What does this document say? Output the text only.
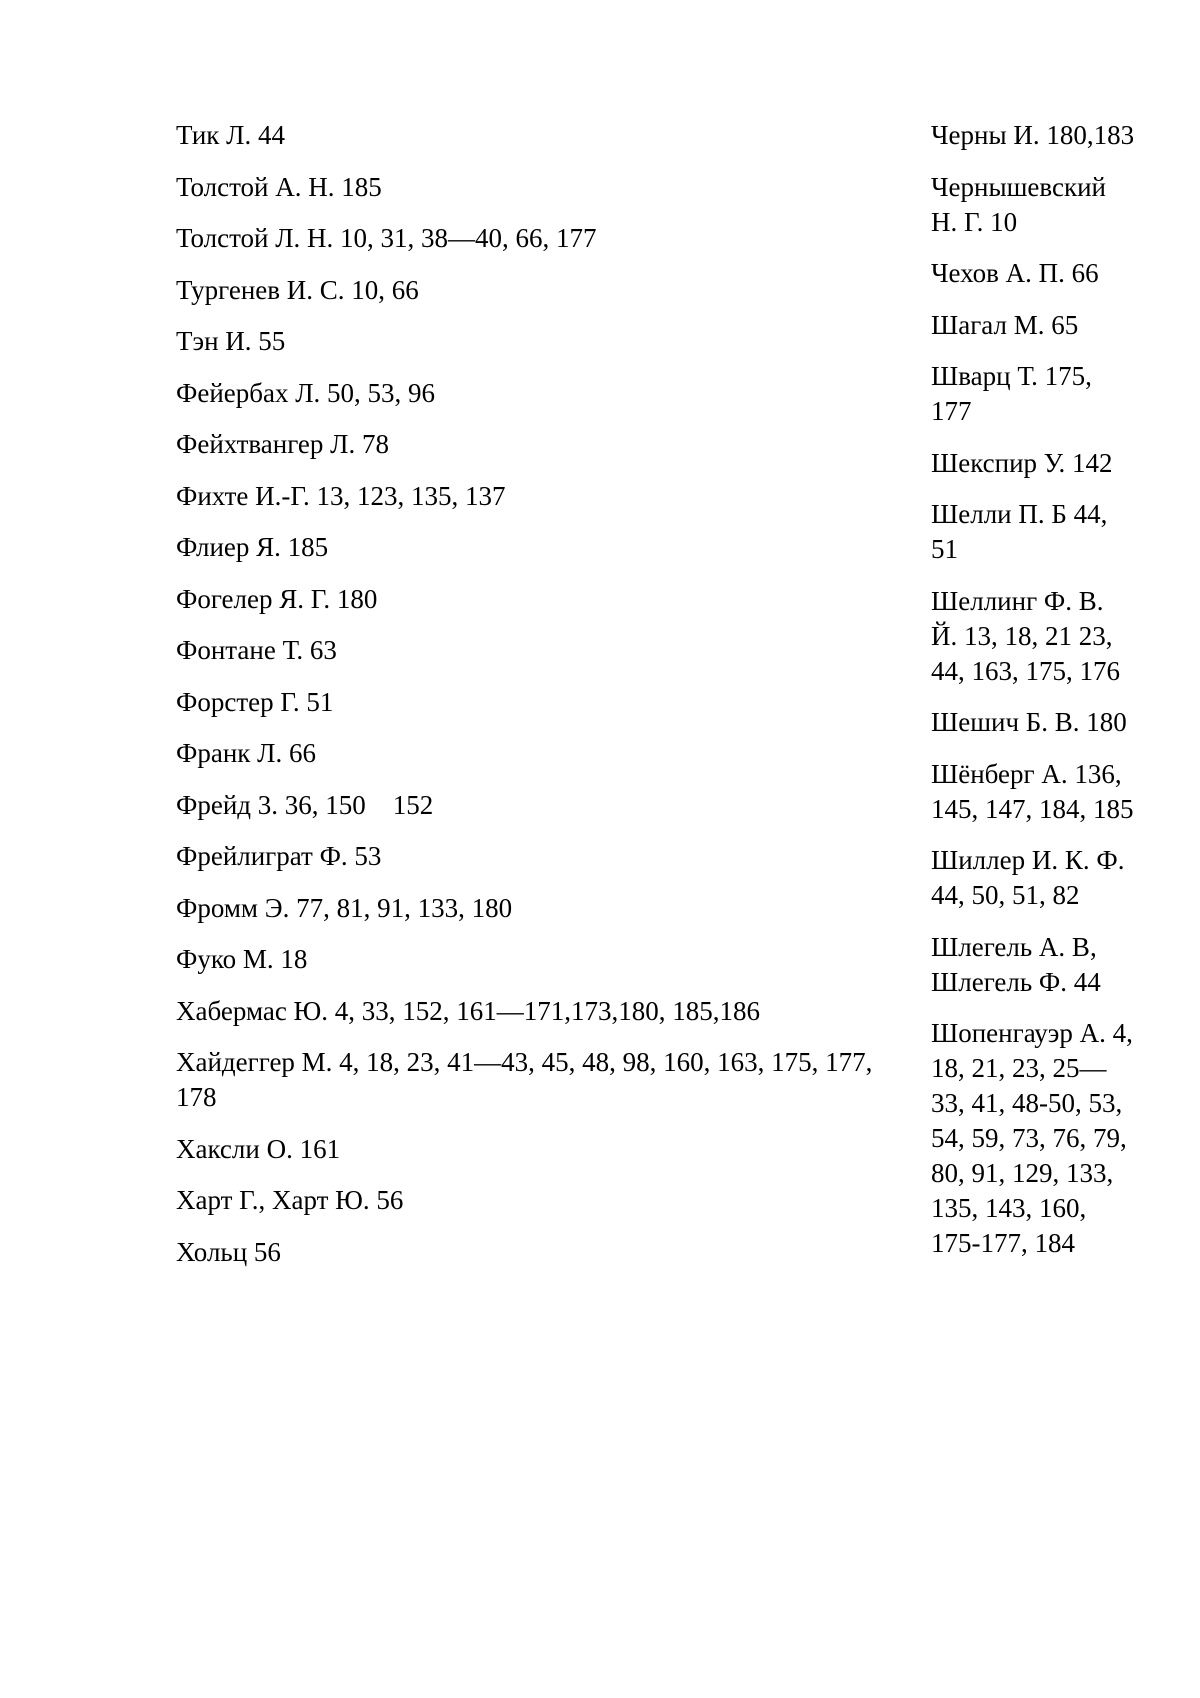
Тик Л. 44

Толстой А. Н. 185

Толстой Л. Н. 10, 31, 38—40, 66, 177

Тургенев И. С. 10, 66

Тэн И. 55

Фейербах Л. 50, 53, 96

Фейхтвангер Л. 78

Фихте И.-Г. 13, 123, 135, 137

Флиер Я. 185

Фогелер Я. Г. 180

Фонтане Т. 63

Форстер Г. 51

Франк Л. 66

Фрейд 3. 36, 150    152

Фрейлиграт Ф. 53

Фромм Э. 77, 81, 91, 133, 180

Фуко М. 18

Хабермас Ю. 4, 33, 152, 161—171,173,180, 185,186

Хайдеггер М. 4, 18, 23, 41—43, 45, 48, 98, 160, 163, 175, 177, 178

Хаксли О. 161

Харт Г., Харт Ю. 56

Хольц 56

Черны И. 180,183

Чернышевский Н. Г. 10

Чехов А. П. 66

Шагал М. 65

Шварц Т. 175, 177

Шекспир У. 142

Шелли П. Б 44, 51

Шеллинг Ф. В. Й. 13, 18, 21 23, 44, 163, 175, 176

Шешич Б. В. 180

Шёнберг А. 136, 145, 147, 184, 185

Шиллер И. К. Ф. 44, 50, 51, 82

Шлегель А. В, Шлегель Ф. 44

Шопенгауэр А. 4, 18, 21, 23, 25—33, 41, 48-50, 53, 54, 59, 73, 76, 79, 80, 91, 129, 133, 135, 143, 160, 175-177, 184
